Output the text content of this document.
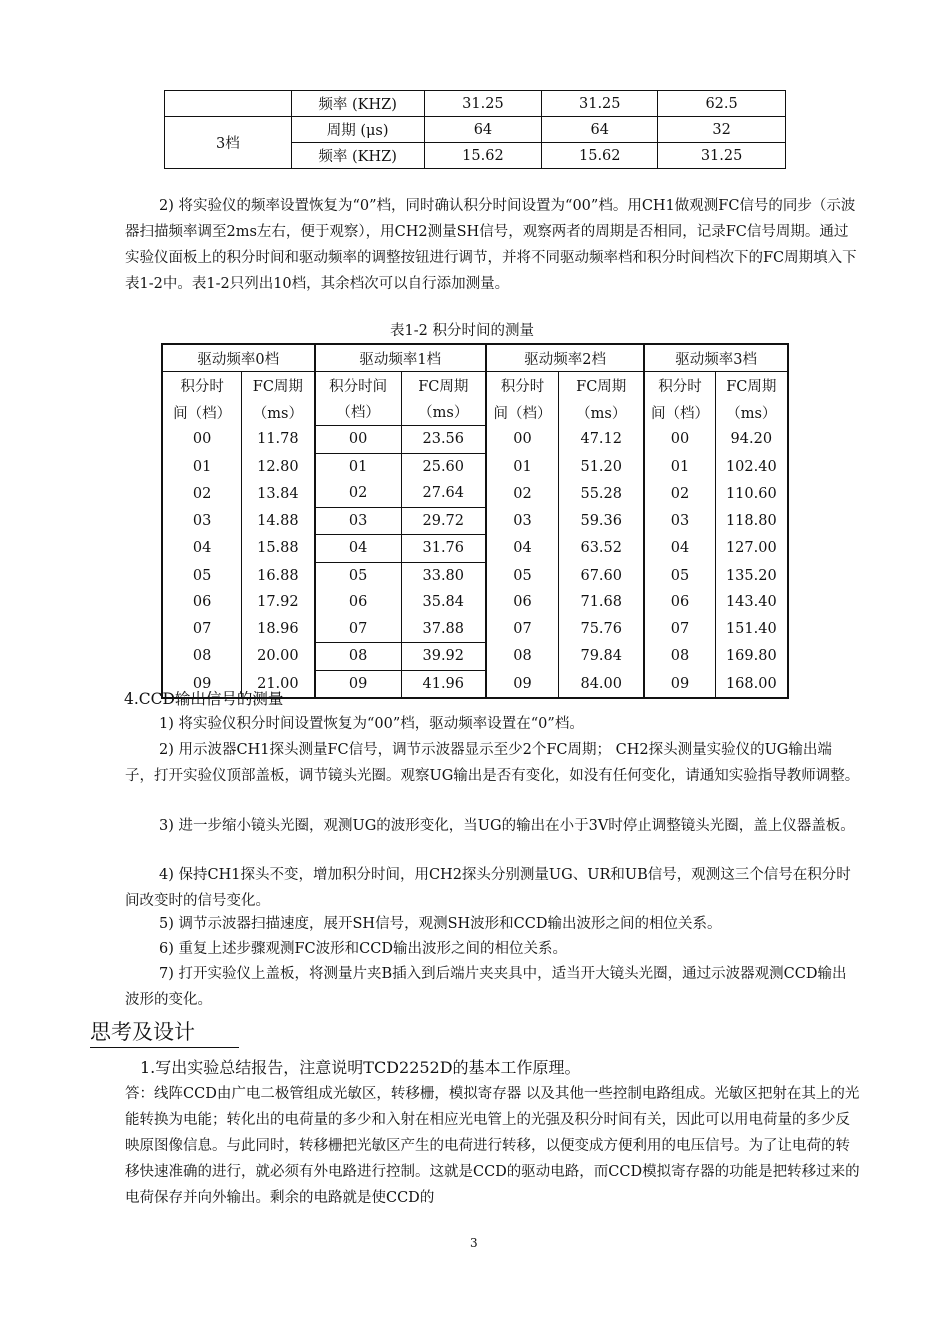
	频率 (KHZ)	31.25	31.25	62.5
3档	周期 (μs)	64	64	32
	频率 (KHZ)	15.62	15.62	31.25
2) 将实验仪的频率设置恢复为“0”档，同时确认积分时间设置为“00”档。用CH1做观测FC信号的同步（示波器扫描频率调至2ms左右，便于观察），用CH2测量SH信号，观察两者的周期是否相同，记录FC信号周期。通过实验仪面板上的积分时间和驱动频率的调整按钮进行调节，并将不同驱动频率档和积分时间档次下的FC周期填入下表1-2中。表1-2只列出10档，其余档次可以自行添加测量。
表1-2 积分时间的测量
驱动频率0档		驱动频率1档		驱动频率2档		驱动频率3档	
积分时	FC周期	积分时间	FC周期	积分时	FC周期	积分时	FC周期
间（档）	（ms）	（档）	（ms）	间（档）	（ms）	间（档）	（ms）
00	11.78	00	23.56	00	47.12	00	94.20
01	12.80	01	25.60	01	51.20	01	102.40
02	13.84	02	27.64	02	55.28	02	110.60
03	14.88	03	29.72	03	59.36	03	118.80
04	15.88	04	31.76	04	63.52	04	127.00
05	16.88	05	33.80	05	67.60	05	135.20
06	17.92	06	35.84	06	71.68	06	143.40
07	18.96	07	37.88	07	75.76	07	151.40
08	20.00	08	39.92	08	79.84	08	169.80
09	21.00	09	41.96	09	84.00	09	168.00
4.CCD输出信号的测量
1) 将实验仪积分时间设置恢复为“00”档，驱动频率设置在“0”档。
2) 用示波器CH1探头测量FC信号，调节示波器显示至少2个FC周期； CH2探头测量实验仪的UG输出端子，打开实验仪顶部盖板，调节镜头光圈。观察UG输出是否有变化，如没有任何变化，请通知实验指导教师调整。
3) 进一步缩小镜头光圈，观测UG的波形变化，当UG的输出在小于3V时停止调整镜头光圈，盖上仪器盖板。
4) 保持CH1探头不变，增加积分时间，用CH2探头分别测量UG、UR和UB信号，观测这三个信号在积分时间改变时的信号变化。
5) 调节示波器扫描速度，展开SH信号，观测SH波形和CCD输出波形之间的相位关系。
6) 重复上述步骤观测FC波形和CCD输出波形之间的相位关系。
7) 打开实验仪上盖板，将测量片夹B插入到后端片夹夹具中，适当开大镜头光圈，通过示波器观测CCD输出波形的变化。
思考及设计
1.写出实验总结报告，注意说明TCD2252D的基本工作原理。
答：线阵CCD由广电二极管组成光敏区，转移栅，模拟寄存器 以及其他一些控制电路组成。光敏区把射在其上的光能转换为电能；转化出的电荷量的多少和入射在相应光电管上的光强及积分时间有关，因此可以用电荷量的多少反映原图像信息。与此同时，转移栅把光敏区产生的电荷进行转移，以便变成方便利用的电压信号。为了让电荷的转移快速准确的进行，就必须有外电路进行控制。这就是CCD的驱动电路，而CCD模拟寄存器的功能是把转移过来的电荷保存并向外输出。剩余的电路就是使CCD的
3
